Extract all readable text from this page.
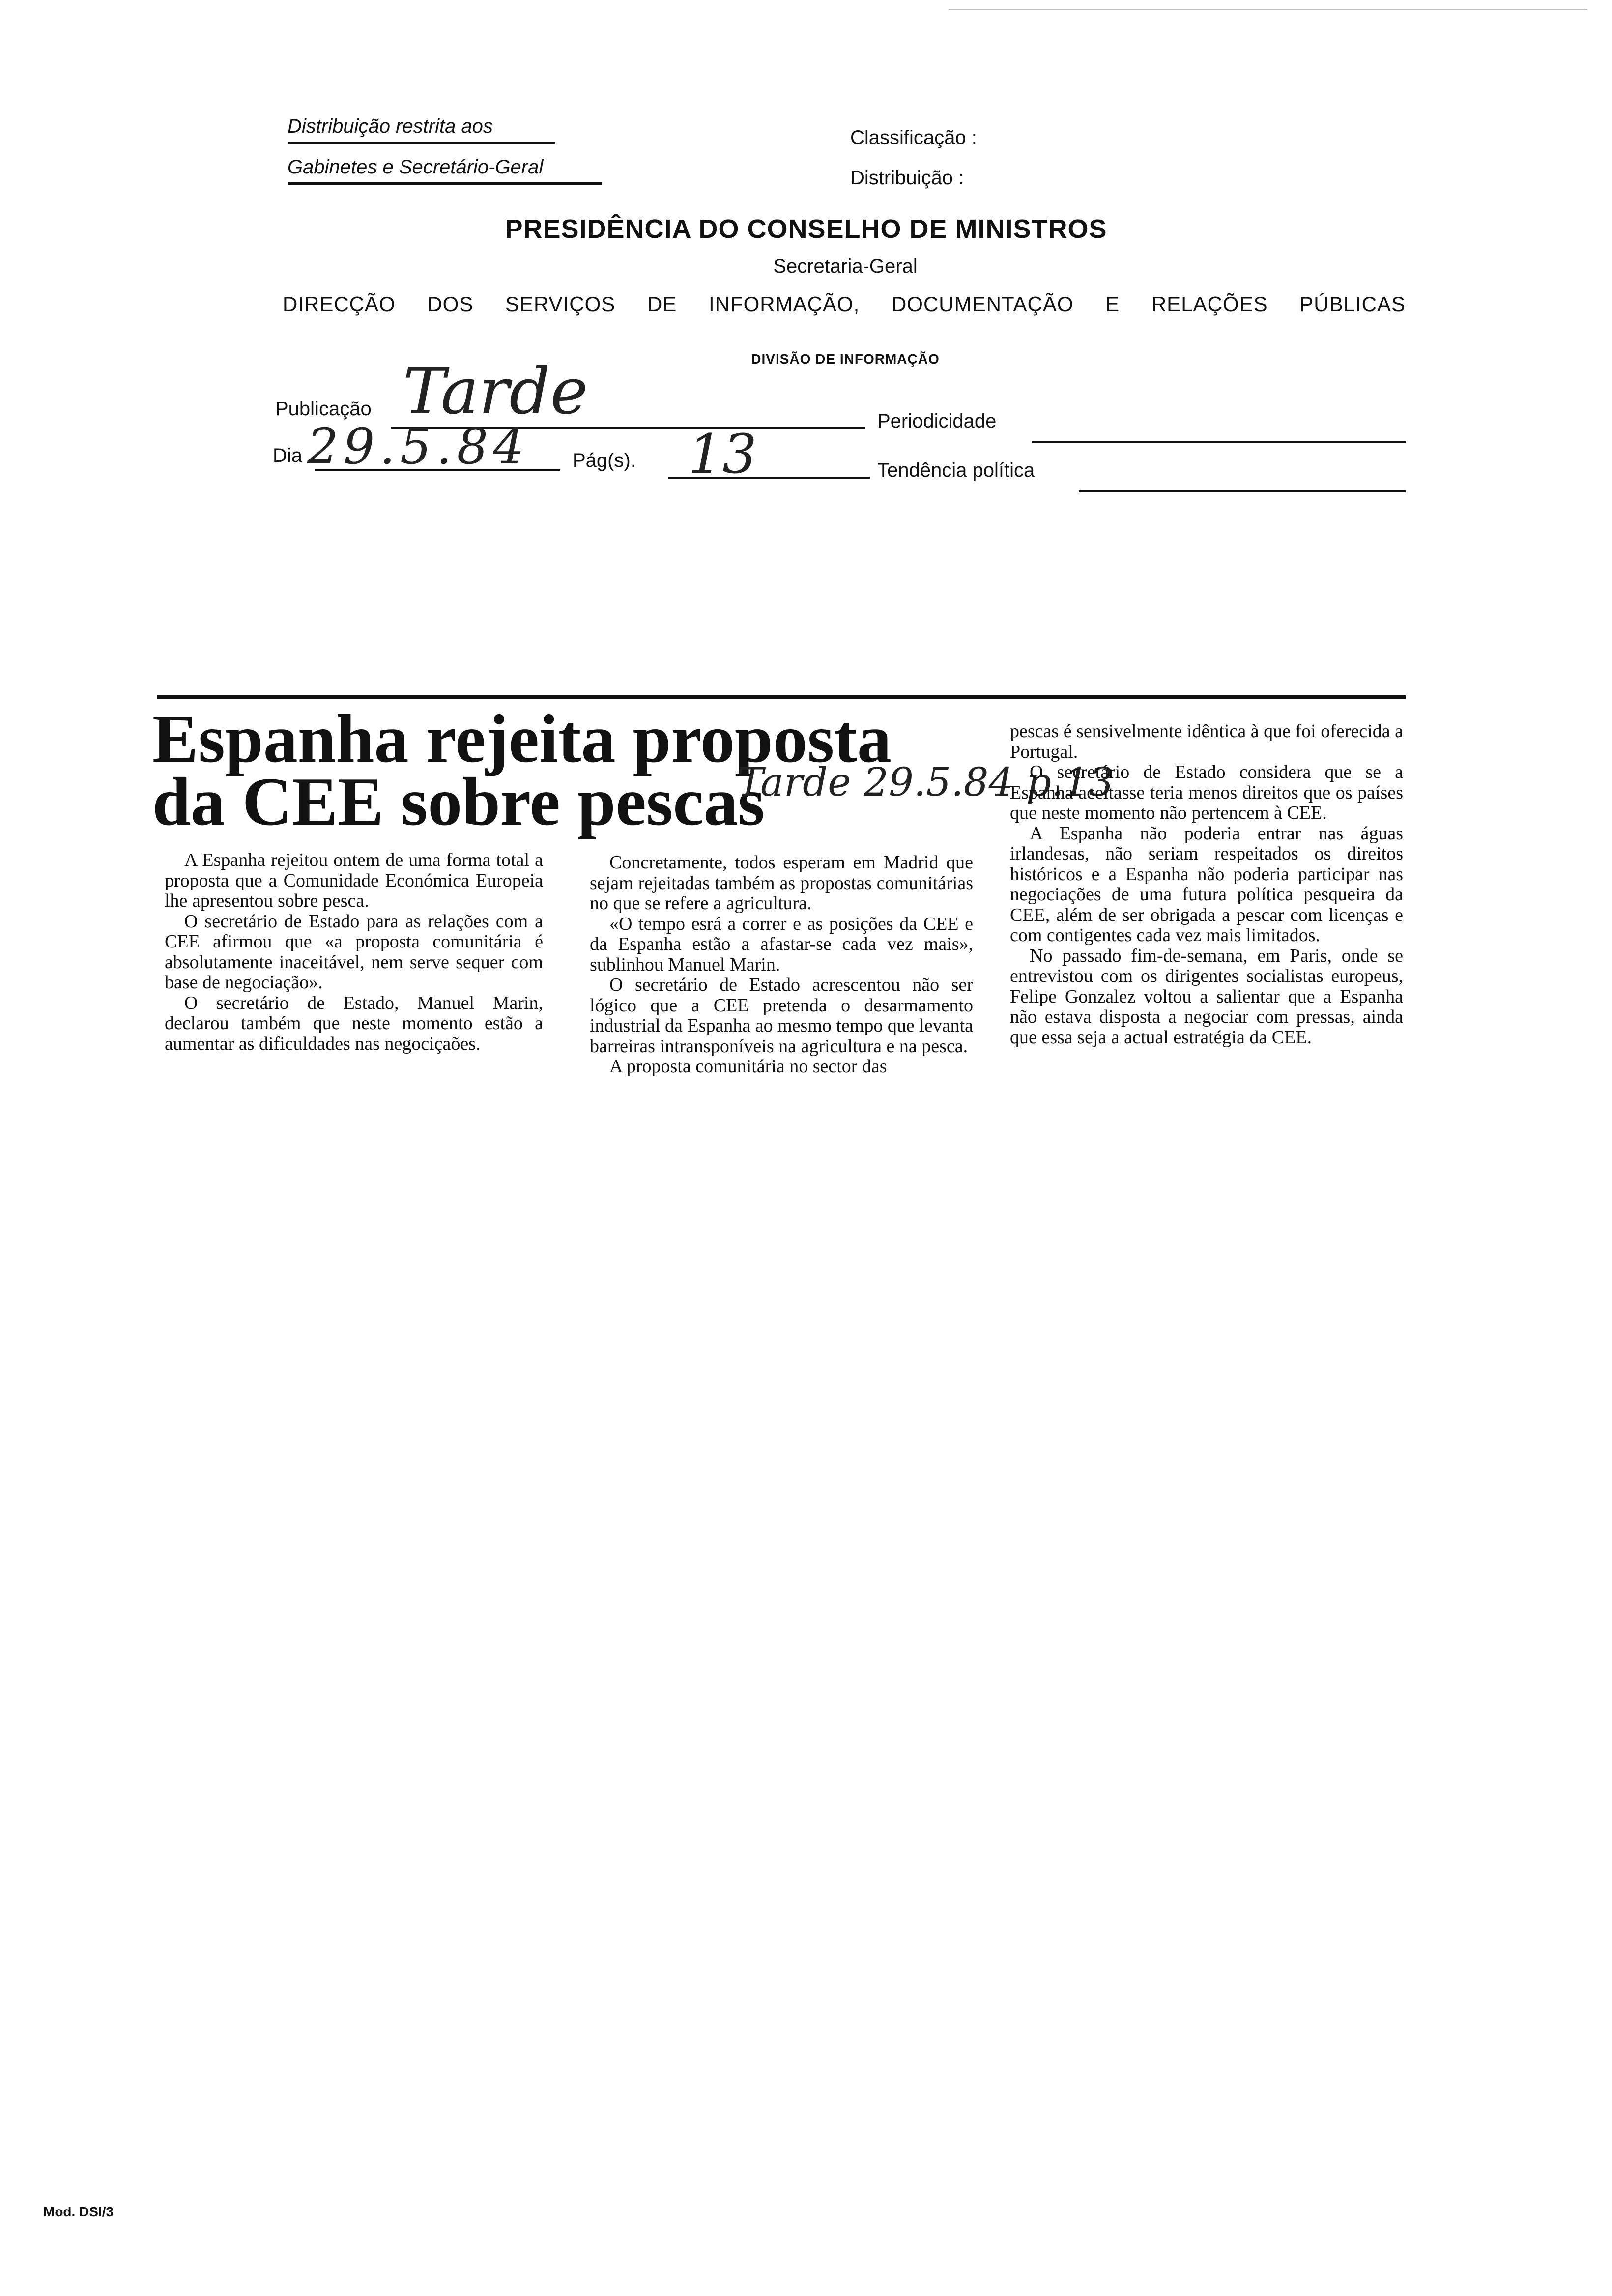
Distribuição restrita aos
Gabinetes e Secretário-Geral
Classificação :
Distribuição :
PRESIDÊNCIA DO CONSELHO DE MINISTROS
Secretaria-Geral
DIRECÇÃO DOS SERVIÇOS DE INFORMAÇÃO, DOCUMENTAÇÃO E RELAÇÕES PÚBLICAS
DIVISÃO DE INFORMAÇÃO
Publicação Tarde	Periodicidade
Dia 29.5.84 Pág(s). 13	Tendência política
Espanha rejeita proposta
da CEE sobre pescas
Tarde 29.5.84 p.13

A Espanha rejeitou ontem de uma forma total a proposta que a Comunidade Económica Europeia lhe apresentou sobre pesca.

O secretário de Estado para as relações com a CEE afirmou que «a proposta comunitária é absolutamente inaceitável, nem serve sequer com base de negociação».

O secretário de Estado, Manuel Marin, declarou também que neste momento estão a aumentar as dificuldades nas negociçaões.

Concretamente, todos esperam em Madrid que sejam rejeitadas também as propostas comunitárias no que se refere a agricultura.

«O tempo esrá a correr e as posições da CEE e da Espanha estão a afastar-se cada vez mais», sublinhou Manuel Marin.

O secretário de Estado acrescentou não ser lógico que a CEE pretenda o desarmamento industrial da Espanha ao mesmo tempo que levanta barreiras intransponíveis na agricultura e na pesca.

A proposta comunitária no sector das

pescas é sensivelmente idêntica à que foi oferecida a Portugal.

O secretário de Estado considera que se a Espanha aceitasse teria menos direitos que os países que neste momento não pertencem à CEE.

A Espanha não poderia entrar nas águas irlandesas, não seriam respeitados os direitos históricos e a Espanha não poderia participar nas negociações de uma futura política pesqueira da CEE, além de ser obrigada a pescar com licenças e com contigentes cada vez mais limitados.

No passado fim-de-semana, em Paris, onde se entrevistou com os dirigentes socialistas europeus, Felipe Gonzalez voltou a salientar que a Espanha não estava disposta a negociar com pressas, ainda que essa seja a actual estratégia da CEE.

Mod. DSI/3
